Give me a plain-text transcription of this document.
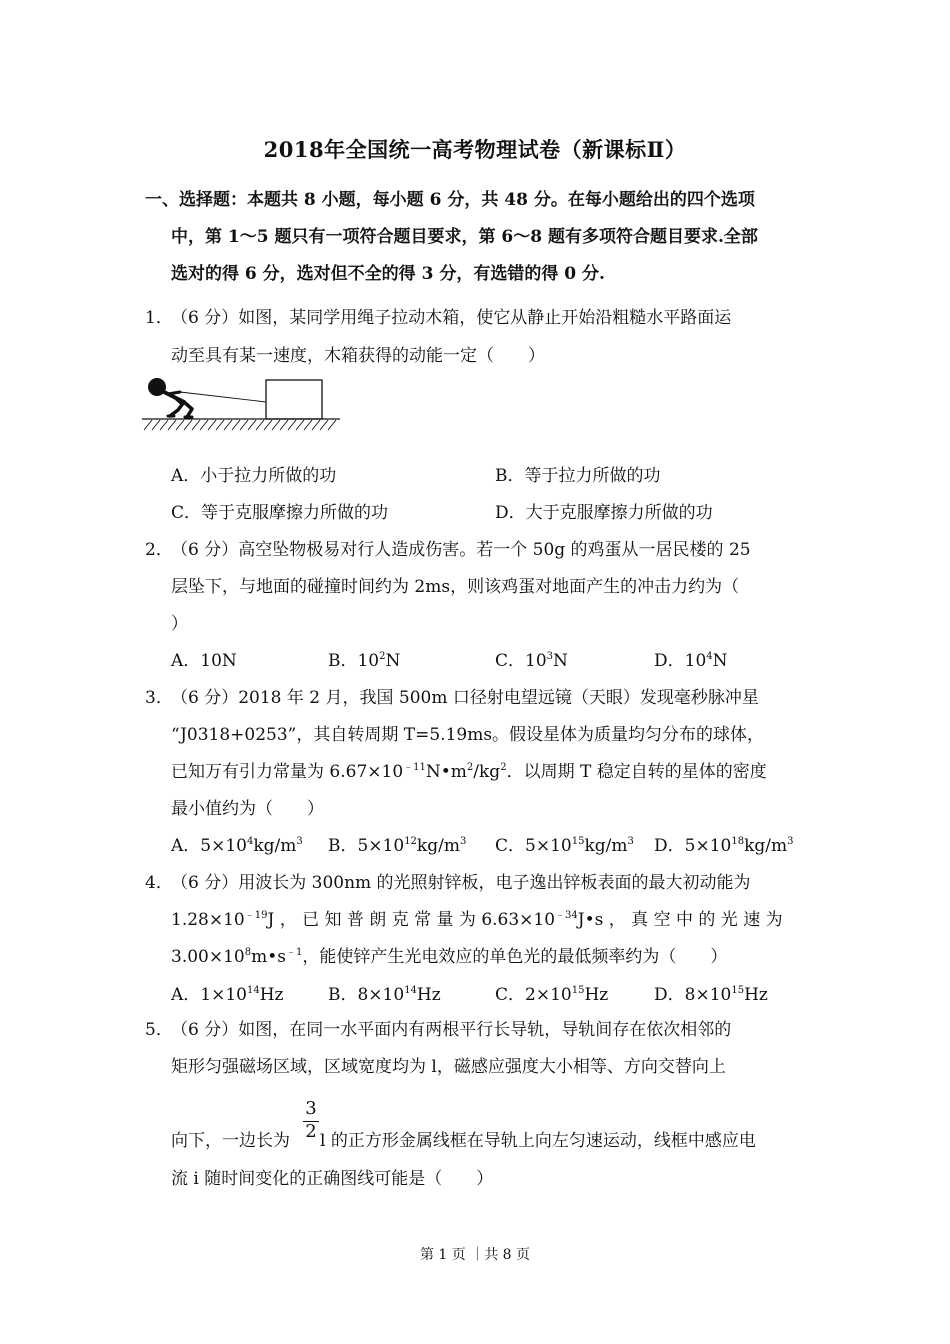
2018年全国统一高考物理试卷（新课标Ⅱ）
一、选择题：本题共 8 小题，每小题 6 分，共 48 分。在每小题给出的四个选项

中，第 1～5 题只有一项符合题目要求，第 6～8 题有多项符合题目要求.全部
选对的得 6 分，选对但不全的得 3 分，有选错的得 0 分.
1．
（6 分）如图，某同学用绳子拉动木箱，使它从静止开始沿粗糙水平路面运
动至具有某一速度，木箱获得的动能一定（　　）
A．小于拉力所做的功	B．等于拉力所做的功
C．等于克服摩擦力所做的功	D．大于克服摩擦力所做的功
2．
（6 分）高空坠物极易对行人造成伤害。若一个 50g 的鸡蛋从一居民楼的 25
层坠下，与地面的碰撞时间约为 2ms，则该鸡蛋对地面产生的冲击力约为（
）
A．10N	B．$10^2N$	C．$10^3N$	D．$10^4N$
3．
（6 分）2018 年 2 月，我国 500m 口径射电望远镜（天眼）发现毫秒脉冲星
“J0318+0253”，其自转周期 T=5.19ms。假设星体为质量均匀分布的球体，
已知万有引力常量为 $6.67\times 10^{﹣11}N•m^2/kg^2$．以周期 T 稳定自转的星体的密度
最小值约为（　　）
A．$5\times 10^4kg/m^3$ B．$5\times 10^{12}kg/m^3$ C．$5\times 10^{15}kg/m^3$ D．$5\times 10^{18}kg/m^3$
4．
（6 分）用波长为 300nm 的光照射锌板，电子逸出锌板表面的最大初动能为
$1.28\times 10^{﹣19}J$ ， 已 知 普 朗 克 常 量 为 $6.63\times 10^{﹣34}J•s$ ， 真 空 中 的 光 速 为
$3.00\times 10^8m•s^{﹣1}$，能使锌产生光电效应的单色光的最低频率约为（　　）
A．$1\times 10^{14}Hz$	B．$8\times 10^{14}Hz$	C．$2\times 10^{15}Hz$	D．$8\times 10^{15}Hz$
5．
（6 分）如图，在同一水平面内有两根平行长导轨，导轨间存在依次相邻的
矩形匀强磁场区域，区域宽度均为 l，磁感应强度大小相等、方向交替向上
向下，一边长为
3
2 l 的正方形金属线框在导轨上向左匀速运动，线框中感应电
流 i 随时间变化的正确图线可能是（　　）
第 1 页 ｜共 8 页
